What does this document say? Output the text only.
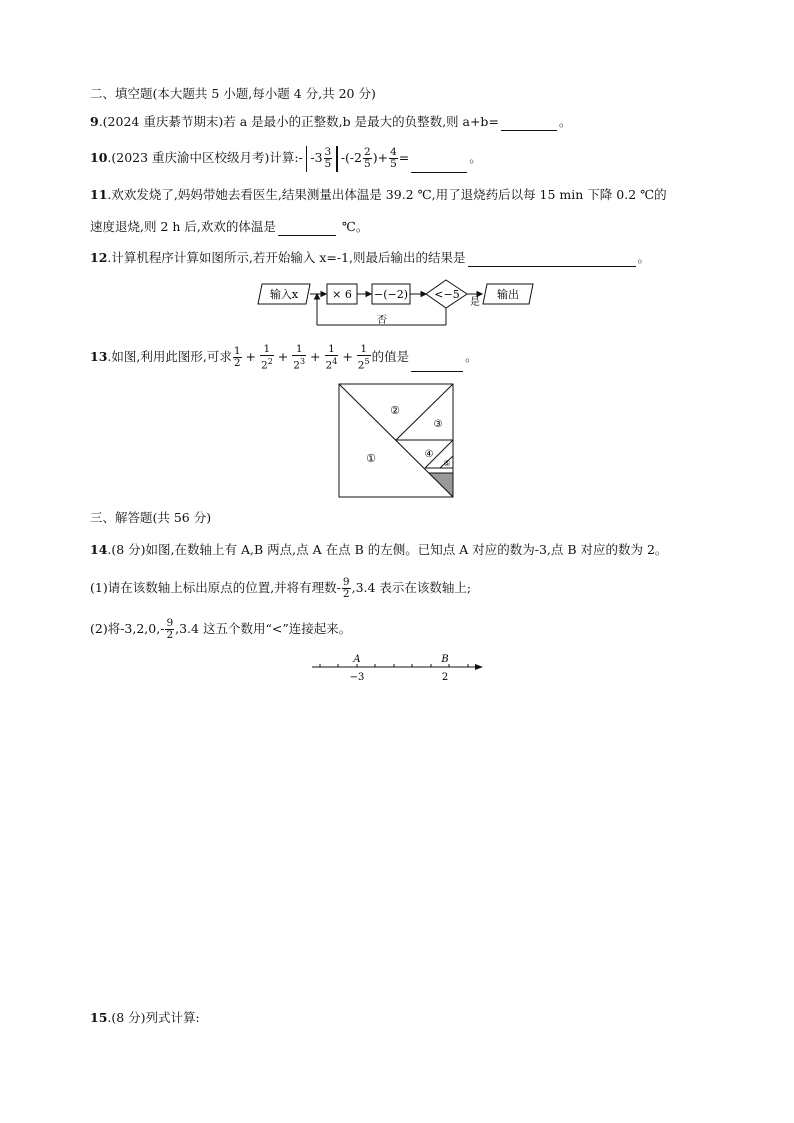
二、填空题(本大题共 5 小题,每小题 4 分,共 20 分)
9.(2024 重庆綦节期末)若 a 是最小的正整数,b 是最大的负整数,则 a+b=	。
10.(2023 重庆渝中区校级月考)计算:- $-3 \frac{3}{5} -(-2 \frac{2}{5}$ )+ $\frac{4}{5}$ =	。
11.欢欢发烧了,妈妈带她去看医生,结果测量出体温是 39.2 ℃,用了退烧药后以每 15 min 下降 0.2 ℃的
速度退烧,则 2 h 后,欢欢的体温是	℃。
12.计算机程序计算如图所示,若开始输入 x=-1,则最后输出的结果是	。
输入x	× 6 −(−2) <−5
是
输出
否
13.如图,利用此图形,可求 $\frac{1}{2} + \frac{1}{2^2} + \frac{1}{2^3} + \frac{1}{2^4} + \frac{1}{2^5}$ 的值是	。
①
②
③
④
⑤
三、解答题(共 56 分)
14.(8 分)如图,在数轴上有 A,B 两点,点 A 在点 B 的左侧。已知点 A 对应的数为-3,点 B 对应的数为 2。
(1)请在该数轴上标出原点的位置,并将有理数- $\frac{9}{2} ,3.4$ 表示在该数轴上;
(2)将$-3,2,0,- \frac{9}{2} ,3.4$ 这五个数用“<”连接起来。
A	B
−3	2
15.(8 分)列式计算:
